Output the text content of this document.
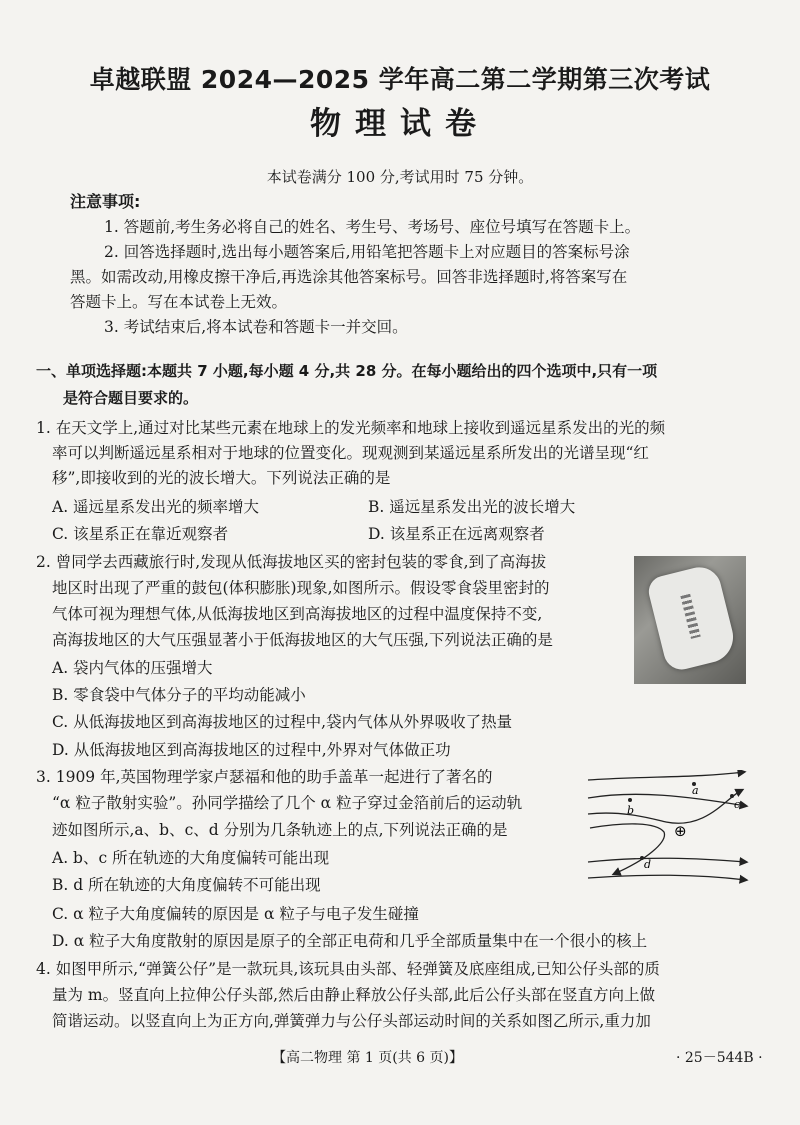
卓越联盟 2024—2025 学年高二第二学期第三次考试
物理试卷
本试卷满分 100 分,考试用时 75 分钟。
注意事项:
1. 答题前,考生务必将自己的姓名、考生号、考场号、座位号填写在答题卡上。
2. 回答选择题时,选出每小题答案后,用铅笔把答题卡上对应题目的答案标号涂
黑。如需改动,用橡皮擦干净后,再选涂其他答案标号。回答非选择题时,将答案写在
答题卡上。写在本试卷上无效。
3. 考试结束后,将本试卷和答题卡一并交回。
一、单项选择题:本题共 7 小题,每小题 4 分,共 28 分。在每小题给出的四个选项中,只有一项
是符合题目要求的。
1. 在天文学上,通过对比某些元素在地球上的发光频率和地球上接收到遥远星系发出的光的频
率可以判断遥远星系相对于地球的位置变化。现观测到某遥远星系所发出的光谱呈现“红
移”,即接收到的光的波长增大。下列说法正确的是
A. 遥远星系发出光的频率增大	B. 遥远星系发出光的波长增大
C. 该星系正在靠近观察者	D. 该星系正在远离观察者
2. 曾同学去西藏旅行时,发现从低海拔地区买的密封包装的零食,到了高海拔
地区时出现了严重的鼓包(体积膨胀)现象,如图所示。假设零食袋里密封的
气体可视为理想气体,从低海拔地区到高海拔地区的过程中温度保持不变,
高海拔地区的大气压强显著小于低海拔地区的大气压强,下列说法正确的是
A. 袋内气体的压强增大
B. 零食袋中气体分子的平均动能减小
C. 从低海拔地区到高海拔地区的过程中,袋内气体从外界吸收了热量
D. 从低海拔地区到高海拔地区的过程中,外界对气体做正功
3. 1909 年,英国物理学家卢瑟福和他的助手盖革一起进行了著名的
“α 粒子散射实验”。孙同学描绘了几个 α 粒子穿过金箔前后的运动轨
迹如图所示,a、b、c、d 分别为几条轨迹上的点,下列说法正确的是
A. b、c 所在轨迹的大角度偏转可能出现
B. d 所在轨迹的大角度偏转不可能出现
C. α 粒子大角度偏转的原因是 α 粒子与电子发生碰撞
D. α 粒子大角度散射的原因是原子的全部正电荷和几乎全部质量集中在一个很小的核上
a
b	c
d
⊕
4. 如图甲所示,“弹簧公仔”是一款玩具,该玩具由头部、轻弹簧及底座组成,已知公仔头部的质
量为 m。竖直向上拉伸公仔头部,然后由静止释放公仔头部,此后公仔头部在竖直方向上做
简谐运动。以竖直向上为正方向,弹簧弹力与公仔头部运动时间的关系如图乙所示,重力加
【高二物理 第 1 页(共 6 页)】	· 25－544B ·
